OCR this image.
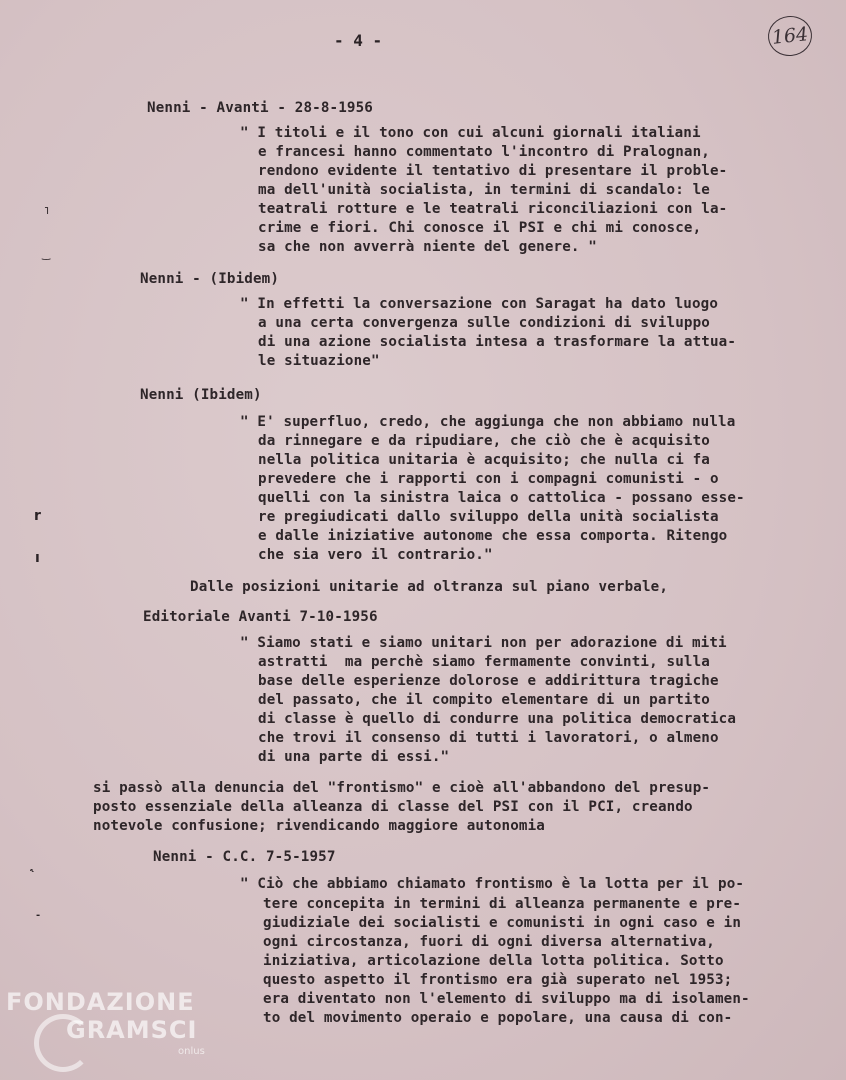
- 4 -	164
Nenni - Avanti - 28-8-1956
" I titoli e il tono con cui alcuni giornali italiani
e francesi hanno commentato l'incontro di Pralognan,
rendono evidente il tentativo di presentare il proble-
ma dell'unità socialista, in termini di scandalo: le
teatrali rotture e le teatrali riconciliazioni con la-
crime e fiori. Chi conosce il PSI e chi mi conosce,
sa che non avverrà niente del genere. "
Nenni - (Ibidem)
" In effetti la conversazione con Saragat ha dato luogo
a una certa convergenza sulle condizioni di sviluppo
di una azione socialista intesa a trasformare la attua-
le situazione"
Nenni (Ibidem)
" E' superfluo, credo, che aggiunga che non abbiamo nulla
da rinnegare e da ripudiare, che ciò che è acquisito
nella politica unitaria è acquisito; che nulla ci fa
prevedere che i rapporti con i compagni comunisti - o
quelli con la sinistra laica o cattolica - possano esse-
re pregiudicati dallo sviluppo della unità socialista
e dalle iniziative autonome che essa comporta. Ritengo
che sia vero il contrario."
Dalle posizioni unitarie ad oltranza sul piano verbale,
Editoriale Avanti 7-10-1956
" Siamo stati e siamo unitari non per adorazione di miti
astratti  ma perchè siamo fermamente convinti, sulla
base delle esperienze dolorose e addirittura tragiche
del passato, che il compito elementare di un partito
di classe è quello di condurre una politica democratica
che trovi il consenso di tutti i lavoratori, o almeno
di una parte di essi."
si passò alla denuncia del "frontismo" e cioè all'abbandono del presup-
posto essenziale della alleanza di classe del PSI con il PCI, creando
notevole confusione; rivendicando maggiore autonomia
Nenni - C.C. 7-5-1957
" Ciò che abbiamo chiamato frontismo è la lotta per il po-
tere concepita in termini di alleanza permanente e pre-
giudiziale dei socialisti e comunisti in ogni caso e in
ogni circostanza, fuori di ogni diversa alternativa,
iniziativa, articolazione della lotta politica. Sotto
questo aspetto il frontismo era già superato nel 1953;
era diventato non l'elemento di sviluppo ma di isolamen-
to del movimento operaio e popolare, una causa di con-
˥
‿
r
ı
˞
‐
FONDAZIONE
GRAMSCI
onlus
